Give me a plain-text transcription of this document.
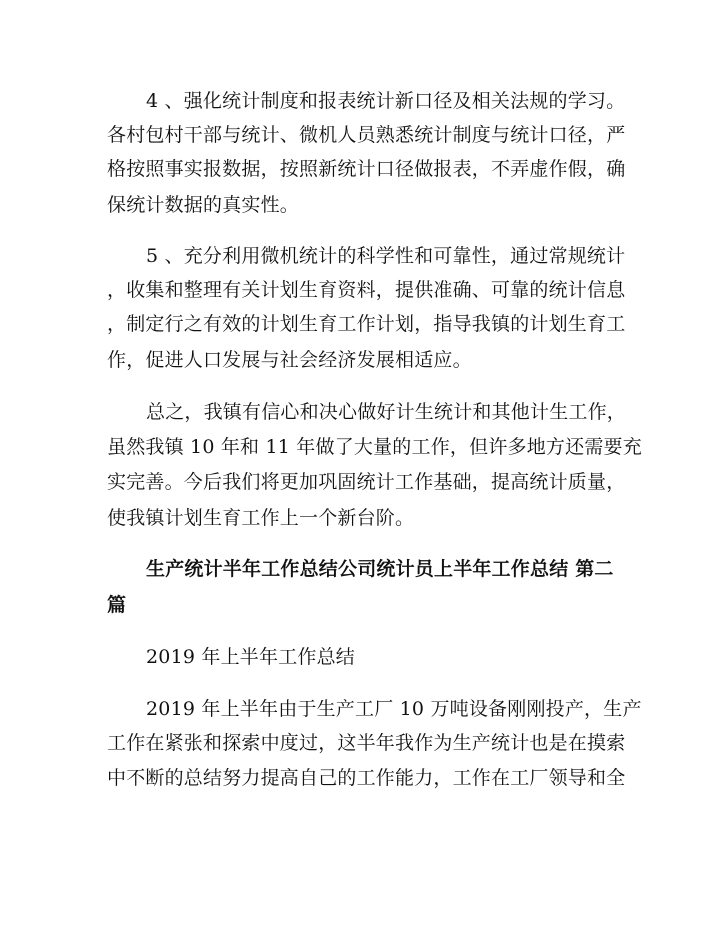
4 、强化统计制度和报表统计新口径及相关法规的学习。
各村包村干部与统计、微机人员熟悉统计制度与统计口径，严
格按照事实报数据，按照新统计口径做报表，不弄虚作假，确
保统计数据的真实性。
5 、充分利用微机统计的科学性和可靠性，通过常规统计
，收集和整理有关计划生育资料，提供准确、可靠的统计信息
，制定行之有效的计划生育工作计划，指导我镇的计划生育工
作，促进人口发展与社会经济发展相适应。
总之，我镇有信心和决心做好计生统计和其他计生工作，
虽然我镇 10 年和 11 年做了大量的工作，但许多地方还需要充
实完善。今后我们将更加巩固统计工作基础，提高统计质量，
使我镇计划生育工作上一个新台阶。
生产统计半年工作总结公司统计员上半年工作总结 第二
篇
2019 年上半年工作总结
2019 年上半年由于生产工厂 10 万吨设备刚刚投产，生产
工作在紧张和探索中度过，这半年我作为生产统计也是在摸索
中不断的总结努力提高自己的工作能力，工作在工厂领导和全
